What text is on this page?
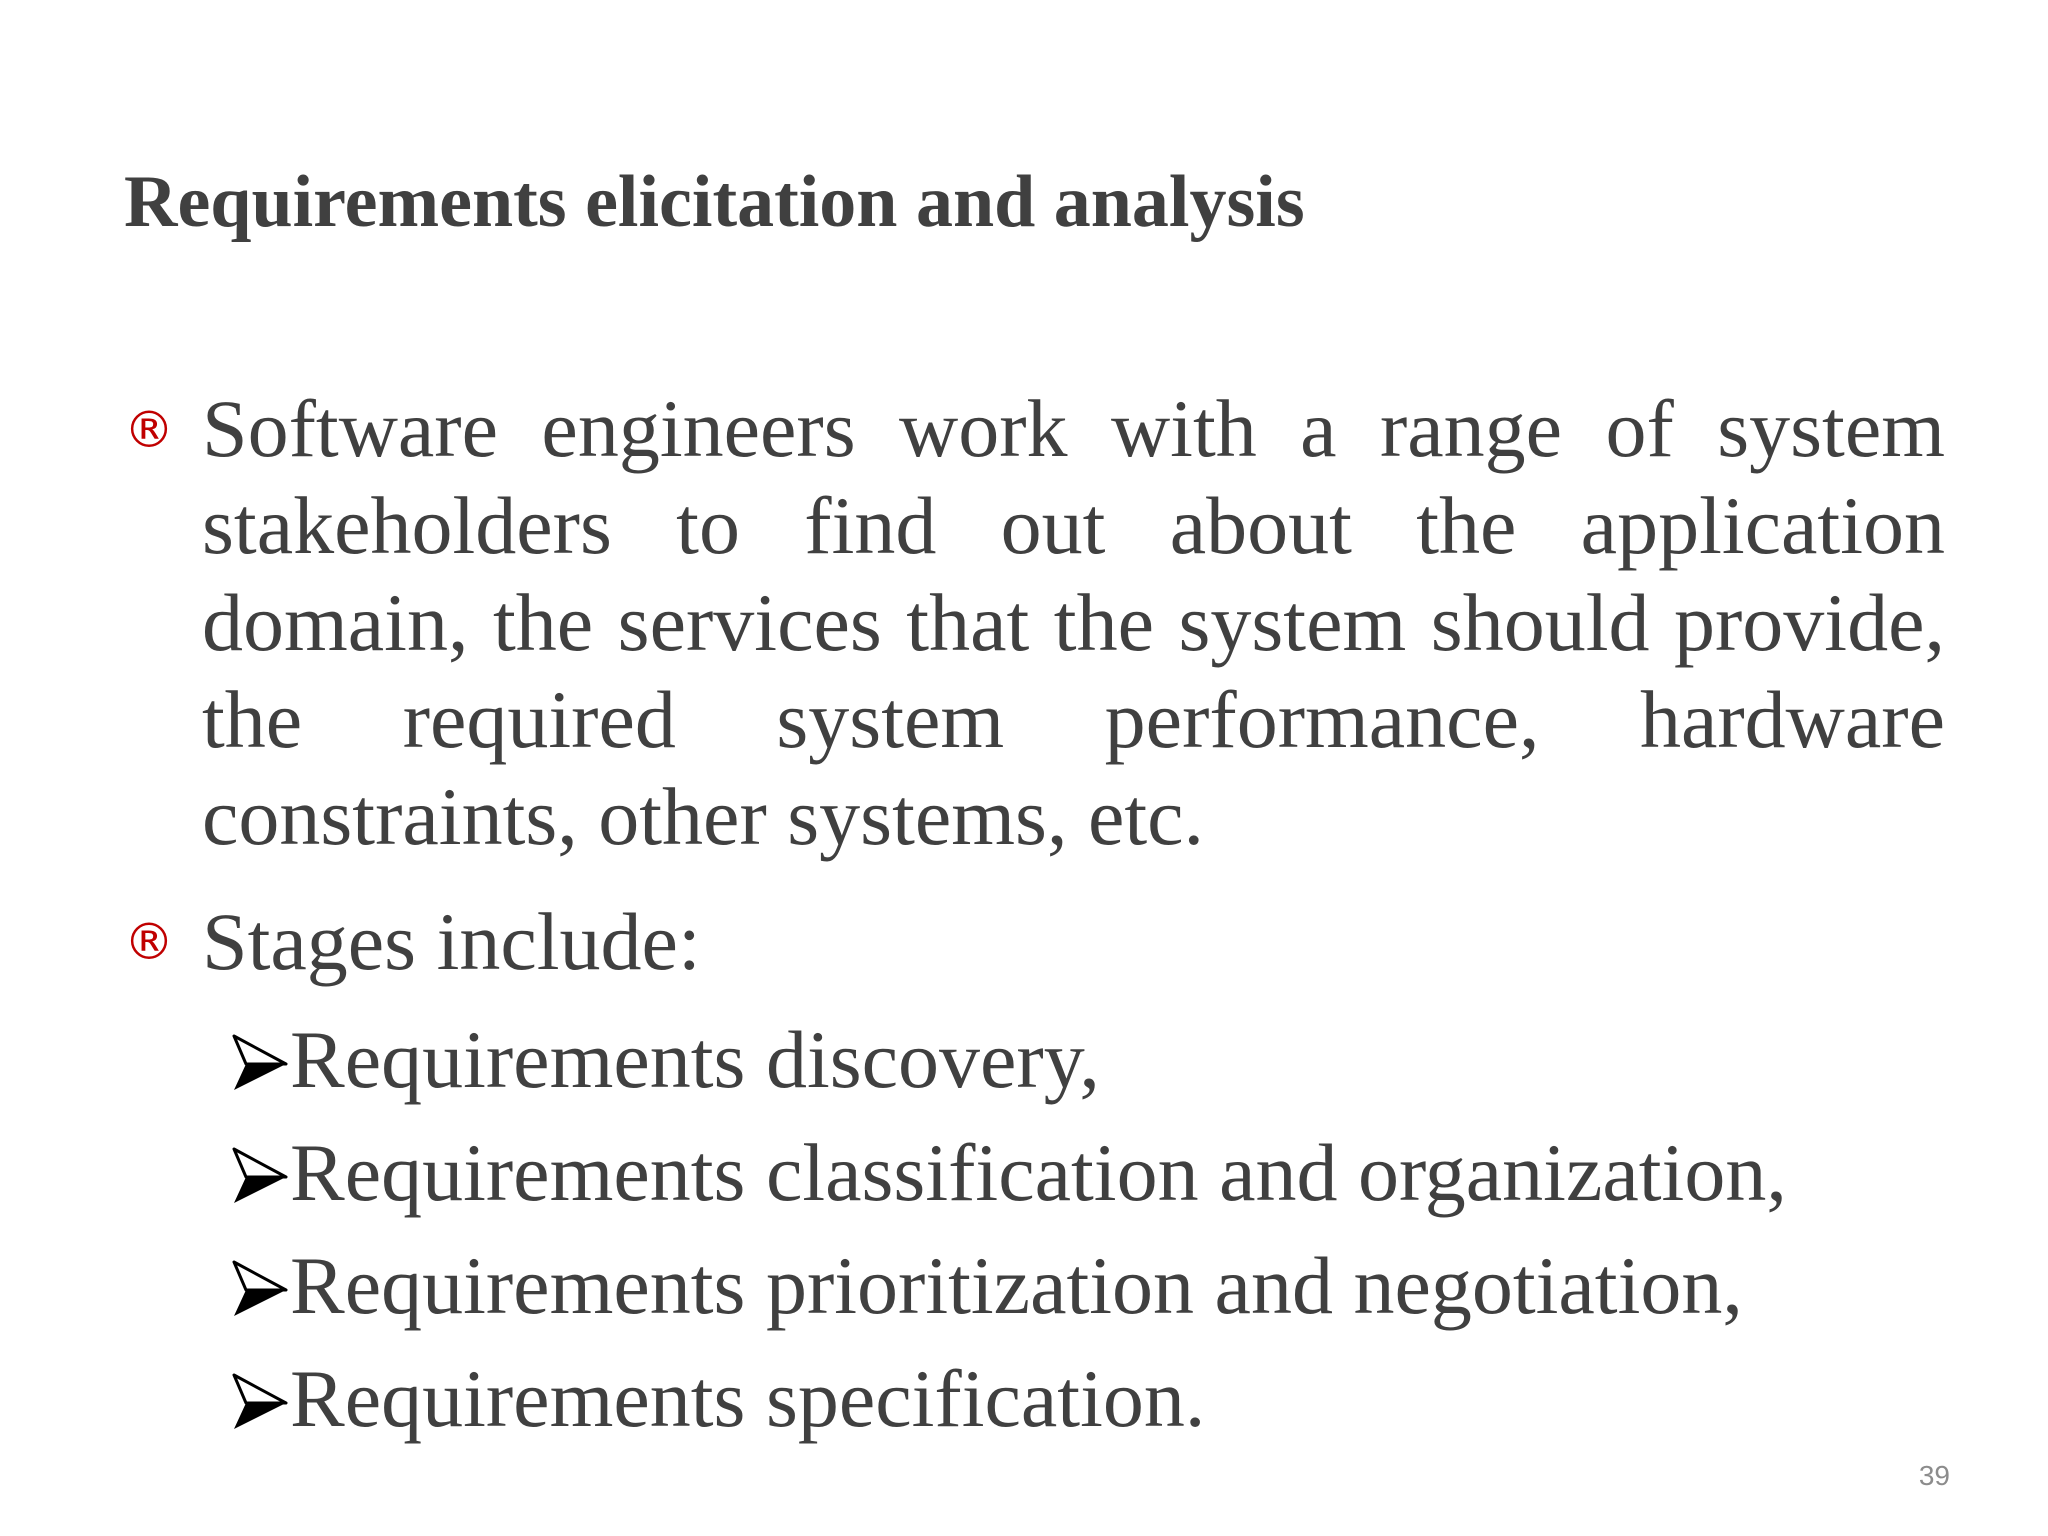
Requirements elicitation and analysis
® Software engineers work with a range of system stakeholders to find out about the application domain, the services that the system should provide, the required system performance, hardware constraints, other systems, etc.
® Stages include:
Requirements discovery,
Requirements classification and organization,
Requirements prioritization and negotiation,
Requirements specification.
39
